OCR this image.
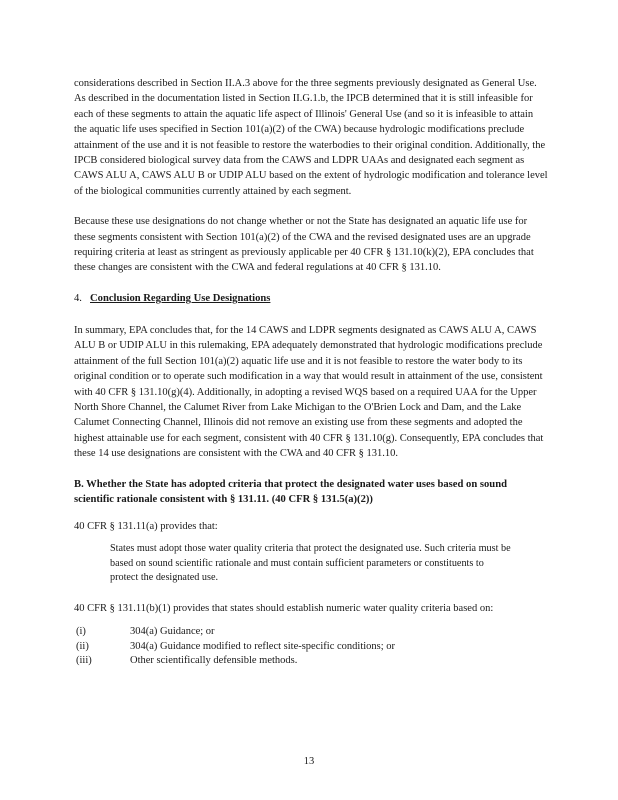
considerations described in Section II.A.3 above for the three segments previously designated as General Use. As described in the documentation listed in Section II.G.1.b, the IPCB determined that it is still infeasible for each of these segments to attain the aquatic life aspect of Illinois' General Use (and so it is infeasible to attain the aquatic life uses specified in Section 101(a)(2) of the CWA) because hydrologic modifications preclude attainment of the use and it is not feasible to restore the waterbodies to their original condition. Additionally, the IPCB considered biological survey data from the CAWS and LDPR UAAs and designated each segment as CAWS ALU A, CAWS ALU B or UDIP ALU based on the extent of hydrologic modification and tolerance level of the biological communities currently attained by each segment.

Because these use designations do not change whether or not the State has designated an aquatic life use for these segments consistent with Section 101(a)(2) of the CWA and the revised designated uses are an upgrade requiring criteria at least as stringent as previously applicable per 40 CFR § 131.10(k)(2), EPA concludes that these changes are consistent with the CWA and federal regulations at 40 CFR § 131.10.

4. Conclusion Regarding Use Designations

In summary, EPA concludes that, for the 14 CAWS and LDPR segments designated as CAWS ALU A, CAWS ALU B or UDIP ALU in this rulemaking, EPA adequately demonstrated that hydrologic modifications preclude attainment of the full Section 101(a)(2) aquatic life use and it is not feasible to restore the water body to its original condition or to operate such modification in a way that would result in attainment of the use, consistent with 40 CFR § 131.10(g)(4). Additionally, in adopting a revised WQS based on a required UAA for the Upper North Shore Channel, the Calumet River from Lake Michigan to the O'Brien Lock and Dam, and the Lake Calumet Connecting Channel, Illinois did not remove an existing use from these segments and adopted the highest attainable use for each segment, consistent with 40 CFR § 131.10(g). Consequently, EPA concludes that these 14 use designations are consistent with the CWA and 40 CFR § 131.10.

B. Whether the State has adopted criteria that protect the designated water uses based on sound scientific rationale consistent with § 131.11. (40 CFR § 131.5(a)(2))

40 CFR § 131.11(a) provides that:

States must adopt those water quality criteria that protect the designated use. Such criteria must be based on sound scientific rationale and must contain sufficient parameters or constituents to protect the designated use.

40 CFR § 131.11(b)(1) provides that states should establish numeric water quality criteria based on:

(i)	304(a) Guidance; or
(ii)	304(a) Guidance modified to reflect site-specific conditions; or
(iii)	Other scientifically defensible methods.
13
